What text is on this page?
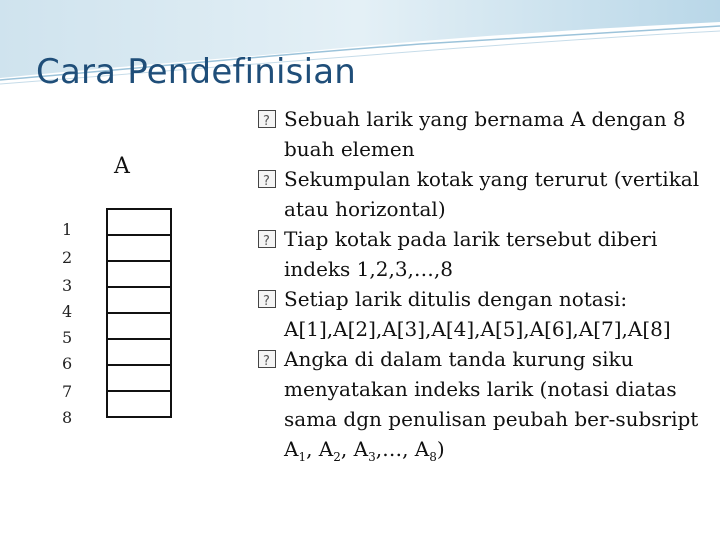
Cara Pendefinisian
A
1
2
3
4
5
6
7
8

?
Sebuah larik yang bernama A dengan 8 buah elemen

?
Sekumpulan kotak yang terurut (vertikal atau horizontal)

?
Tiap kotak pada larik tersebut diberi indeks 1,2,3,…,8

?
Setiap larik ditulis dengan notasi: A[1],A[2],A[3],A[4],A[5],A[6],A[7],A[8]

?
Angka di dalam tanda kurung siku menyatakan indeks larik (notasi diatas sama dgn penulisan peubah ber-subsript $A_1$, $A_2$, $A_3,\dots$, $A_8$)
